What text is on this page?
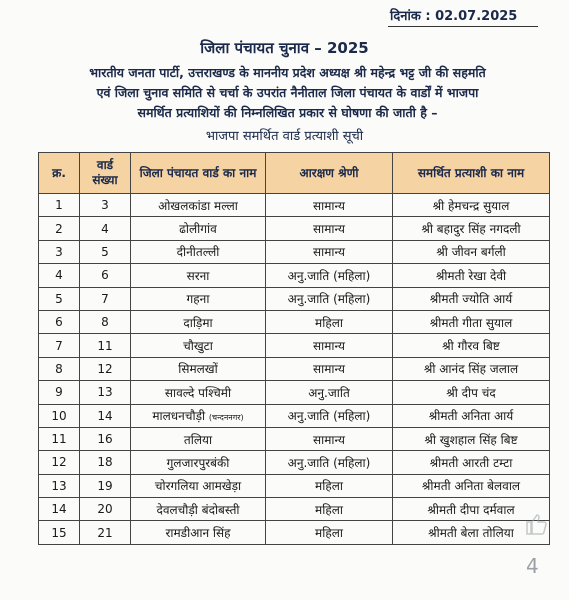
दिनांक : 02.07.2025
जिला पंचायत चुनाव – 2025
भारतीय जनता पार्टी, उत्तराखण्ड के माननीय प्रदेश अध्यक्ष श्री महेन्द्र भट्ट जी की सहमति
एवं जिला चुनाव समिति से चर्चा के उपरांत नैनीताल जिला पंचायत के वार्डों में भाजपा
समर्थित प्रत्याशियों की निम्नलिखित प्रकार से घोषणा की जाती है –
भाजपा समर्थित वार्ड प्रत्याशी सूची
क्र.	वार्ड संख्या	जिला पंचायत वार्ड का नाम	आरक्षण श्रेणी	समर्थित प्रत्याशी का नाम
1	3	ओखलकांडा मल्ला	सामान्य	श्री हेमचन्द्र सुयाल
2	4	ढोलीगांव	सामान्य	श्री बहादुर सिंह नगदली
3	5	दीनीतल्ली	सामान्य	श्री जीवन बर्गली
4	6	सरना	अनु.जाति (महिला)	श्रीमती रेखा देवी
5	7	गहना	अनु.जाति (महिला)	श्रीमती ज्योति आर्य
6	8	दाड़िमा	महिला	श्रीमती गीता सुयाल
7	11	चौखुटा	सामान्य	श्री गौरव बिष्ट
8	12	सिमलखों	सामान्य	श्री आनंद सिंह जलाल
9	13	सावल्दे पश्चिमी	अनु.जाति	श्री दीप चंद
10	14	मालधनचौड़ी (चन्दननगर)	अनु.जाति (महिला)	श्रीमती अनिता आर्य
11	16	तलिया	सामान्य	श्री खुशहाल सिंह बिष्ट
12	18	गुलजारपुरबंकी	अनु.जाति (महिला)	श्रीमती आरती टम्टा
13	19	चोरगलिया आमखेड़ा	महिला	श्रीमती अनिता बेलवाल
14	20	देवलचौड़ी बंदोबस्ती	महिला	श्रीमती दीपा दर्मवाल
15	21	रामडीआन सिंह	महिला	श्रीमती बेला तोलिया
4
